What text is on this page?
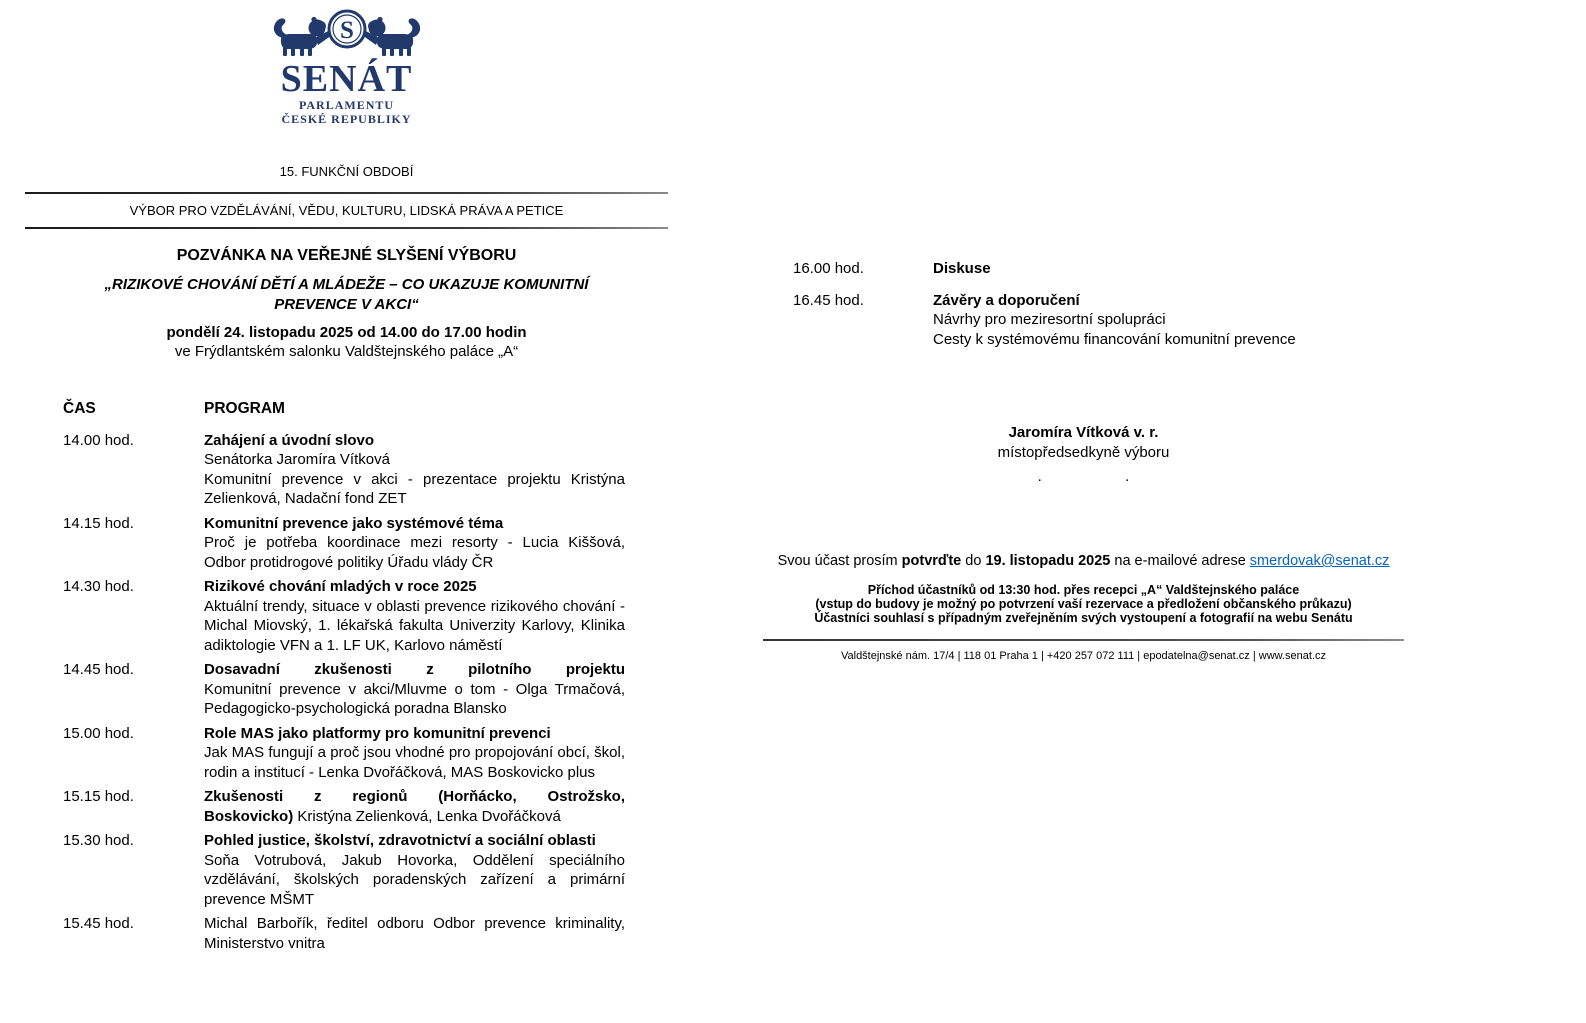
S
SENÁT
PARLAMENTU
ČESKÉ REPUBLIKY
15. FUNKČNÍ OBDOBÍ
VÝBOR PRO VZDĚLÁVÁNÍ, VĚDU, KULTURU, LIDSKÁ PRÁVA A PETICE
POZVÁNKA NA VEŘEJNÉ SLYŠENÍ VÝBORU
„RIZIKOVÉ CHOVÁNÍ DĚTÍ A MLÁDEŽE – CO UKAZUJE KOMUNITNÍ
PREVENCE V AKCI“
pondělí 24. listopadu 2025 od 14.00 do 17.00 hodin
ve Frýdlantském salonku Valdštejnského paláce „A“
ČAS	PROGRAM
14.00 hod.	Zahájení a úvodní slovo

Senátorka Jaromíra Vítková
Komunitní prevence v akci - prezentace projektu Kristýna Zelienková, Nadační fond ZET

14.15 hod.	Komunitní prevence jako systémové téma

Proč je potřeba koordinace mezi resorty - Lucia Kiššová, Odbor protidrogové politiky Úřadu vlády ČR

14.30 hod.	Rizikové chování mladých v roce 2025

Aktuální trendy, situace v oblasti prevence rizikového chování - Michal Miovský, 1. lékařská fakulta Univerzity Karlovy, Klinika adiktologie VFN a 1. LF UK, Karlovo náměstí

14.45 hod.	Dosavadní zkušenosti z pilotního projektu

Komunitní prevence v akci/Mluvme o tom - Olga Trmačová, Pedagogicko-psychologická poradna Blansko

15.00 hod.	Role MAS jako platformy pro komunitní prevenci

Jak MAS fungují a proč jsou vhodné pro propojování obcí, škol, rodin a institucí - Lenka Dvořáčková, MAS Boskovicko plus

15.15 hod.	Zkušenosti z regionů (Horňácko, Ostrožsko,

Boskovicko) Kristýna Zelienková, Lenka Dvořáčková

15.30 hod.	Pohled justice, školství, zdravotnictví a sociální oblasti

Soňa Votrubová, Jakub Hovorka, Oddělení speciálního vzdělávání, školských poradenských zařízení a primární prevence MŠMT

15.45 hod.	Michal Barbořík, ředitel odboru Odbor prevence kriminality, Ministerstvo vnitra

16.00 hod.	Diskuse

16.45 hod.	Závěry a doporučení

Návrhy pro meziresortní spolupráci
Cesty k systémovému financování komunitní prevence

Jaromíra Vítková v. r.
místopředsedkyně výboru
.                    .
Svou účast prosím potvrďte do 19. listopadu 2025 na e-mailové adrese smerdovak@senat.cz
Příchod účastníků od 13:30 hod. přes recepci „A“ Valdštejnského paláce
(vstup do budovy je možný po potvrzení vaší rezervace a předložení občanského průkazu)
Účastníci souhlasí s případným zveřejněním svých vystoupení a fotografií na webu Senátu
Valdštejnské nám. 17/4 | 118 01 Praha 1 | +420 257 072 111 | epodatelna@senat.cz | www.senat.cz
